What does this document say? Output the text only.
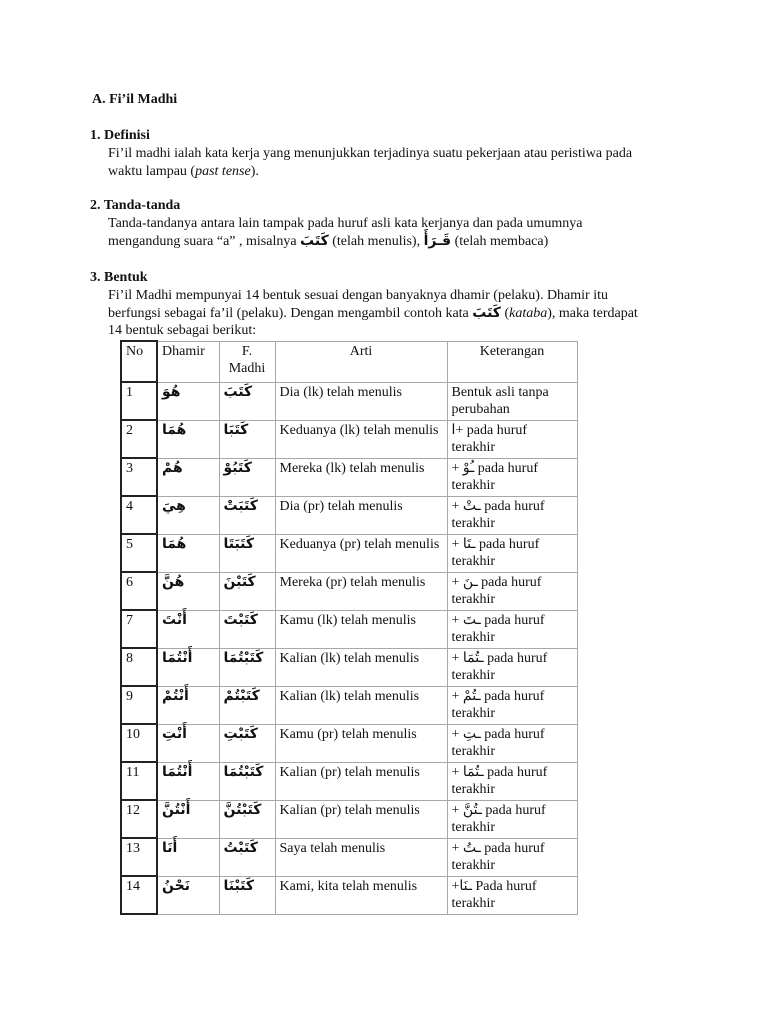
A. Fi’il Madhi
1. Definisi
Fi’il madhi ialah kata kerja yang menunjukkan terjadinya suatu pekerjaan atau peristiwa pada
waktu lampau (past tense).
2. Tanda-tanda
Tanda-tandanya antara lain tampak pada huruf asli kata kerjanya dan pada umumnya
mengandung suara “a” , misalnya كَتَبَ (telah menulis), قَـرَأَ (telah membaca)
3. Bentuk
Fi’il Madhi mempunyai 14 bentuk sesuai dengan banyaknya dhamir (pelaku). Dhamir itu
berfungsi sebagai fa’il (pelaku). Dengan mengambil contoh kata كَتَبَ (kataba), maka terdapat
14 bentuk sebagai berikut:
No	Dhamir	F. Madhi	Arti	Keterangan
1	هُوَ	كَتَبَ	Dia (lk) telah menulis	Bentuk asli tanpa perubahan
2	هُمَا	كَتَبَا	Keduanya (lk) telah menulis	ا+ pada huruf terakhir
3	هُمْ	كَتَبُوْ	Mereka (lk) telah menulis	+ ـُوْ pada huruf terakhir
4	هِيَ	كَتَبَتْ	Dia (pr) telah menulis	+ ـتْ pada huruf terakhir
5	هُمَا	كَتَبَتَا	Keduanya (pr) telah menulis	+ ـتَا pada huruf terakhir
6	هُنَّ	كَتَبْنَ	Mereka (pr) telah menulis	+ ـنَ pada huruf terakhir
7	أَنْتَ	كَتَبْتَ	Kamu (lk) telah menulis	+ ـتَ pada huruf terakhir
8	أَنْتُمَا	كَتَبْتُمَا	Kalian (lk) telah menulis	+ ـتُمَا pada huruf terakhir
9	أَنْتُمْ	كَتَبْتُمْ	Kalian (lk) telah menulis	+ ـتُمْ pada huruf terakhir
10	أَنْتِ	كَتَبْتِ	Kamu (pr) telah menulis	+ ـتِ pada huruf terakhir
11	أَنْتُمَا	كَتَبْتُمَا	Kalian (pr) telah menulis	+ ـتُمَا pada huruf terakhir
12	أَنْتُنَّ	كَتَبْتُنَّ	Kalian (pr) telah menulis	+ ـتُنَّ pada huruf terakhir
13	أَنَا	كَتَبْتُ	Saya telah menulis	+ ـتُ pada huruf terakhir
14	نَحْنُ	كَتَبْنَا	Kami, kita telah menulis	+ـنَا Pada huruf terakhir
